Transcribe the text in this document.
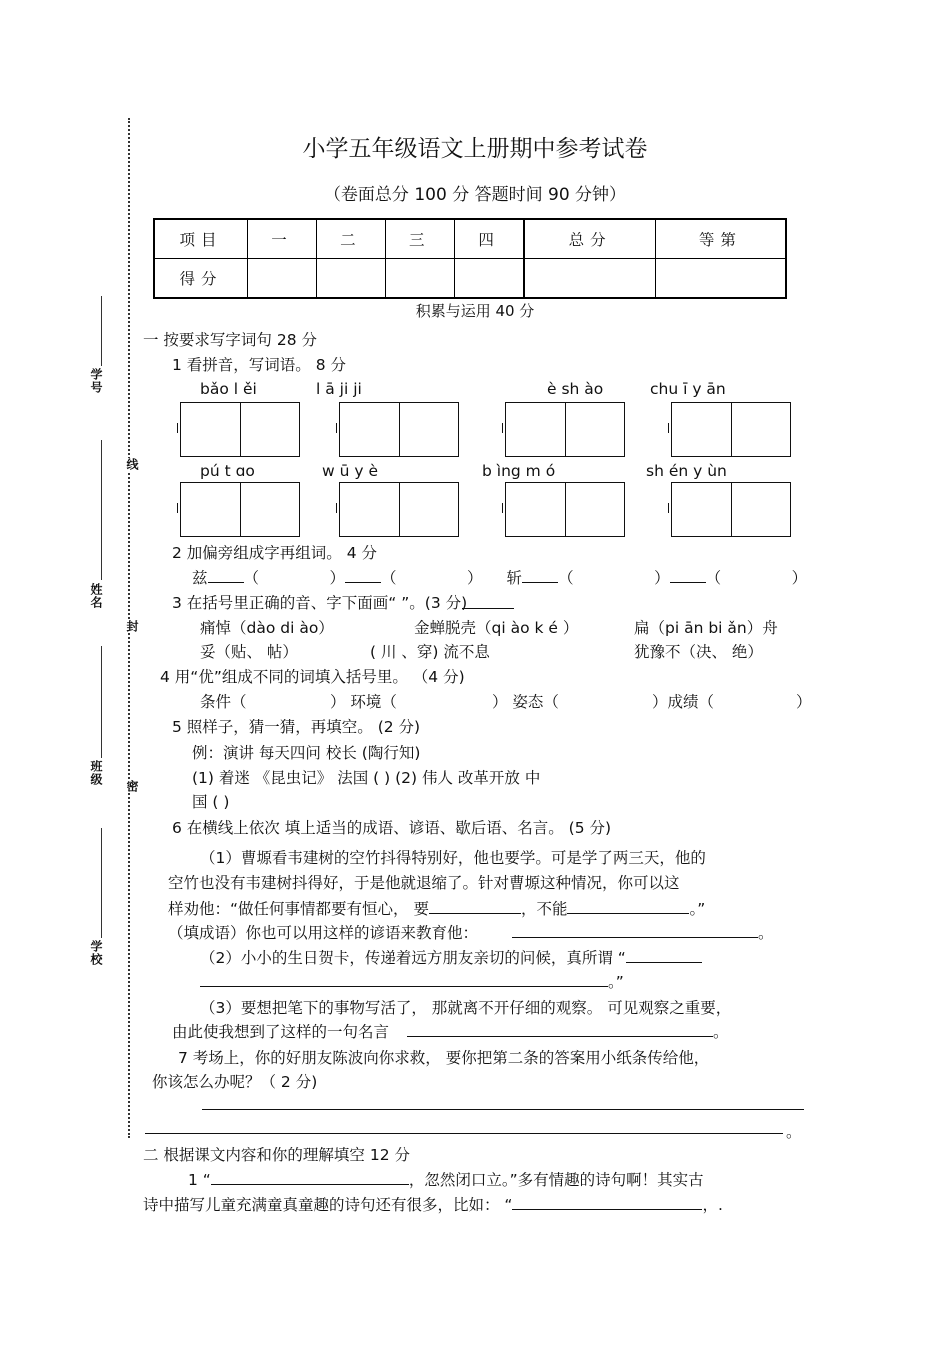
学号
姓名
班级
学校
线
封
密
小学五年级语文上册期中参考试卷
（卷面总分 100 分 答题时间 90 分钟）
项目	一	二	三	四	总分	等第
得分						
积累与运用 40 分
一 按要求写字词句 28 分
1 看拼音，写词语。 8 分
bǎo l ěi	l ā ji ji	è sh ào	chu ī y ān
pú t ɑo	w ū y è	b ìng m ó	sh én y ùn
2 加偏旁组成字再组词。 4 分
兹 （	） （	） 斩 （	） （	）
3 在括号里正确的音、字下面画“ ”。(3 分)
痛悼（dào di ào）	金蝉脱壳（qi ào k é ）	扁（pi ān bi ǎn）舟
妥（贴、 帖）	( 川 、穿) 流不息	犹豫不（决、 绝）
4 用“优”组成不同的词填入括号里。 （4 分)
条件（	） 环境（	） 姿态（	）成绩（	）
5 照样子，猜一猜，再填空。 (2 分)
例：演讲 每天四问 校长 (陶行知)
(1) 着迷 《昆虫记》 法国 ( ) (2) 伟人 改革开放 中
国 ( )
6 在横线上依次 填上适当的成语、谚语、歇后语、名言。 (5 分)
（1）曹塬看韦建树的空竹抖得特别好，他也要学。可是学了两三天，他的
空竹也没有韦建树抖得好，于是他就退缩了。针对曹塬这种情况，你可以这
样劝他：“做任何事情都要有恒心， 要	，不能	。”
（填成语）你也可以用这样的谚语来教育他：	。
（2）小小的生日贺卡，传递着远方朋友亲切的问候，真所谓 “
。”
（3）要想把笔下的事物写活了， 那就离不开仔细的观察。 可见观察之重要，
由此使我想到了这样的一句名言	。
7 考场上，你的好朋友陈波向你求救， 要你把第二条的答案用小纸条传给他，
你该怎么办呢？（ 2 分)
。
二 根据课文内容和你的理解填空 12 分
1 “	，忽然闭口立。”多有情趣的诗句啊！其实古
诗中描写儿童充满童真童趣的诗句还有很多，比如： “	，.
